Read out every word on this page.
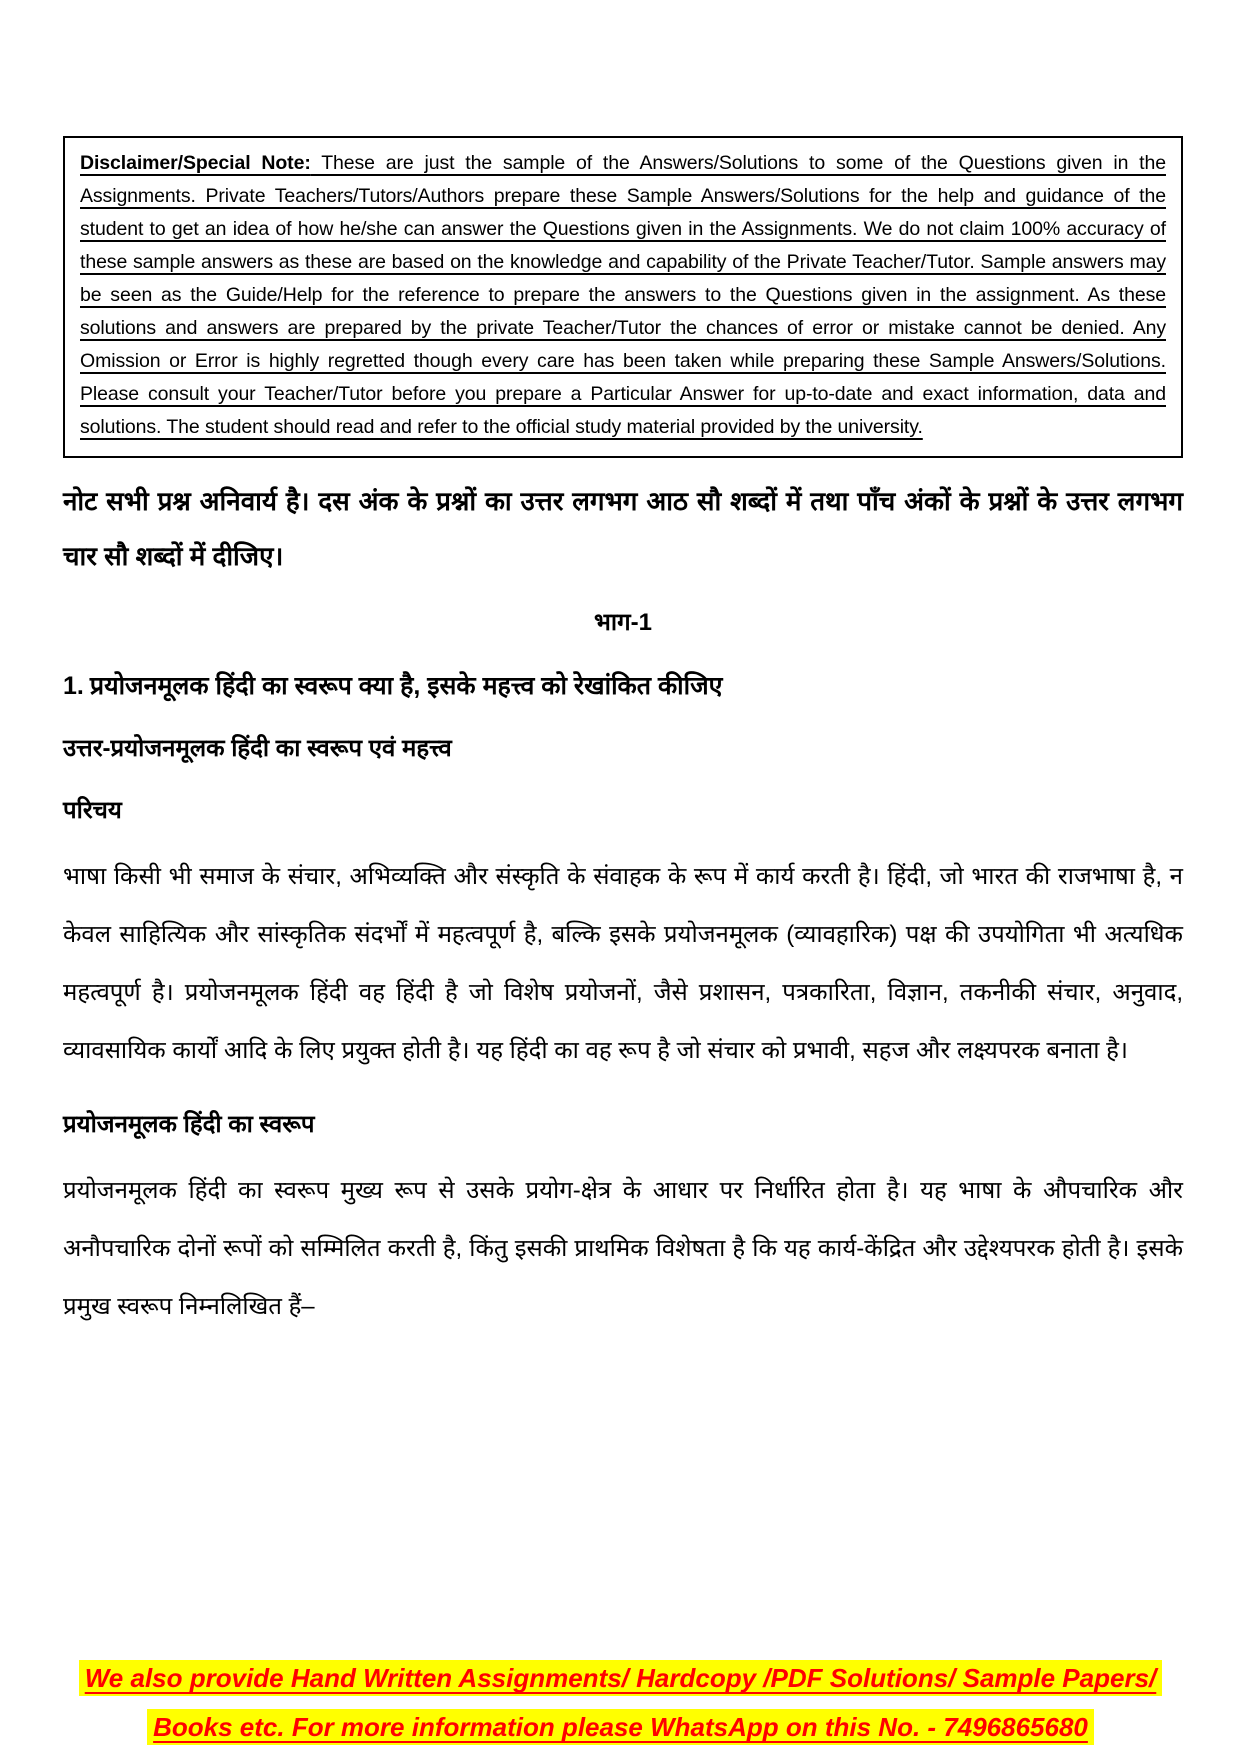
Disclaimer/Special Note: These are just the sample of the Answers/Solutions to some of the Questions given in the Assignments. Private Teachers/Tutors/Authors prepare these Sample Answers/Solutions for the help and guidance of the student to get an idea of how he/she can answer the Questions given in the Assignments. We do not claim 100% accuracy of these sample answers as these are based on the knowledge and capability of the Private Teacher/Tutor. Sample answers may be seen as the Guide/Help for the reference to prepare the answers to the Questions given in the assignment. As these solutions and answers are prepared by the private Teacher/Tutor the chances of error or mistake cannot be denied. Any Omission or Error is highly regretted though every care has been taken while preparing these Sample Answers/Solutions. Please consult your Teacher/Tutor before you prepare a Particular Answer for up-to-date and exact information, data and solutions. The student should read and refer to the official study material provided by the university.
नोट सभी प्रश्न अनिवार्य है। दस अंक के प्रश्नों का उत्तर लगभग आठ सौ शब्दों में तथा पाँच अंकों के प्रश्नों के उत्तर लगभग चार सौ शब्दों में दीजिए।
भाग-1
1. प्रयोजनमूलक हिंदी का स्वरूप क्या है, इसके महत्त्व को रेखांकित कीजिए
उत्तर-प्रयोजनमूलक हिंदी का स्वरूप एवं महत्त्व
परिचय
भाषा किसी भी समाज के संचार, अभिव्यक्ति और संस्कृति के संवाहक के रूप में कार्य करती है। हिंदी, जो भारत की राजभाषा है, न केवल साहित्यिक और सांस्कृतिक संदर्भों में महत्वपूर्ण है, बल्कि इसके प्रयोजनमूलक (व्यावहारिक) पक्ष की उपयोगिता भी अत्यधिक महत्वपूर्ण है। प्रयोजनमूलक हिंदी वह हिंदी है जो विशेष प्रयोजनों, जैसे प्रशासन, पत्रकारिता, विज्ञान, तकनीकी संचार, अनुवाद, व्यावसायिक कार्यों आदि के लिए प्रयुक्त होती है। यह हिंदी का वह रूप है जो संचार को प्रभावी, सहज और लक्ष्यपरक बनाता है।
प्रयोजनमूलक हिंदी का स्वरूप
प्रयोजनमूलक हिंदी का स्वरूप मुख्य रूप से उसके प्रयोग-क्षेत्र के आधार पर निर्धारित होता है। यह भाषा के औपचारिक और अनौपचारिक दोनों रूपों को सम्मिलित करती है, किंतु इसकी प्राथमिक विशेषता है कि यह कार्य-केंद्रित और उद्देश्यपरक होती है। इसके प्रमुख स्वरूप निम्नलिखित हैं–
We also provide Hand Written Assignments/ Hardcopy /PDF Solutions/ Sample Papers/
Books etc. For more information please WhatsApp on this No. - 7496865680
